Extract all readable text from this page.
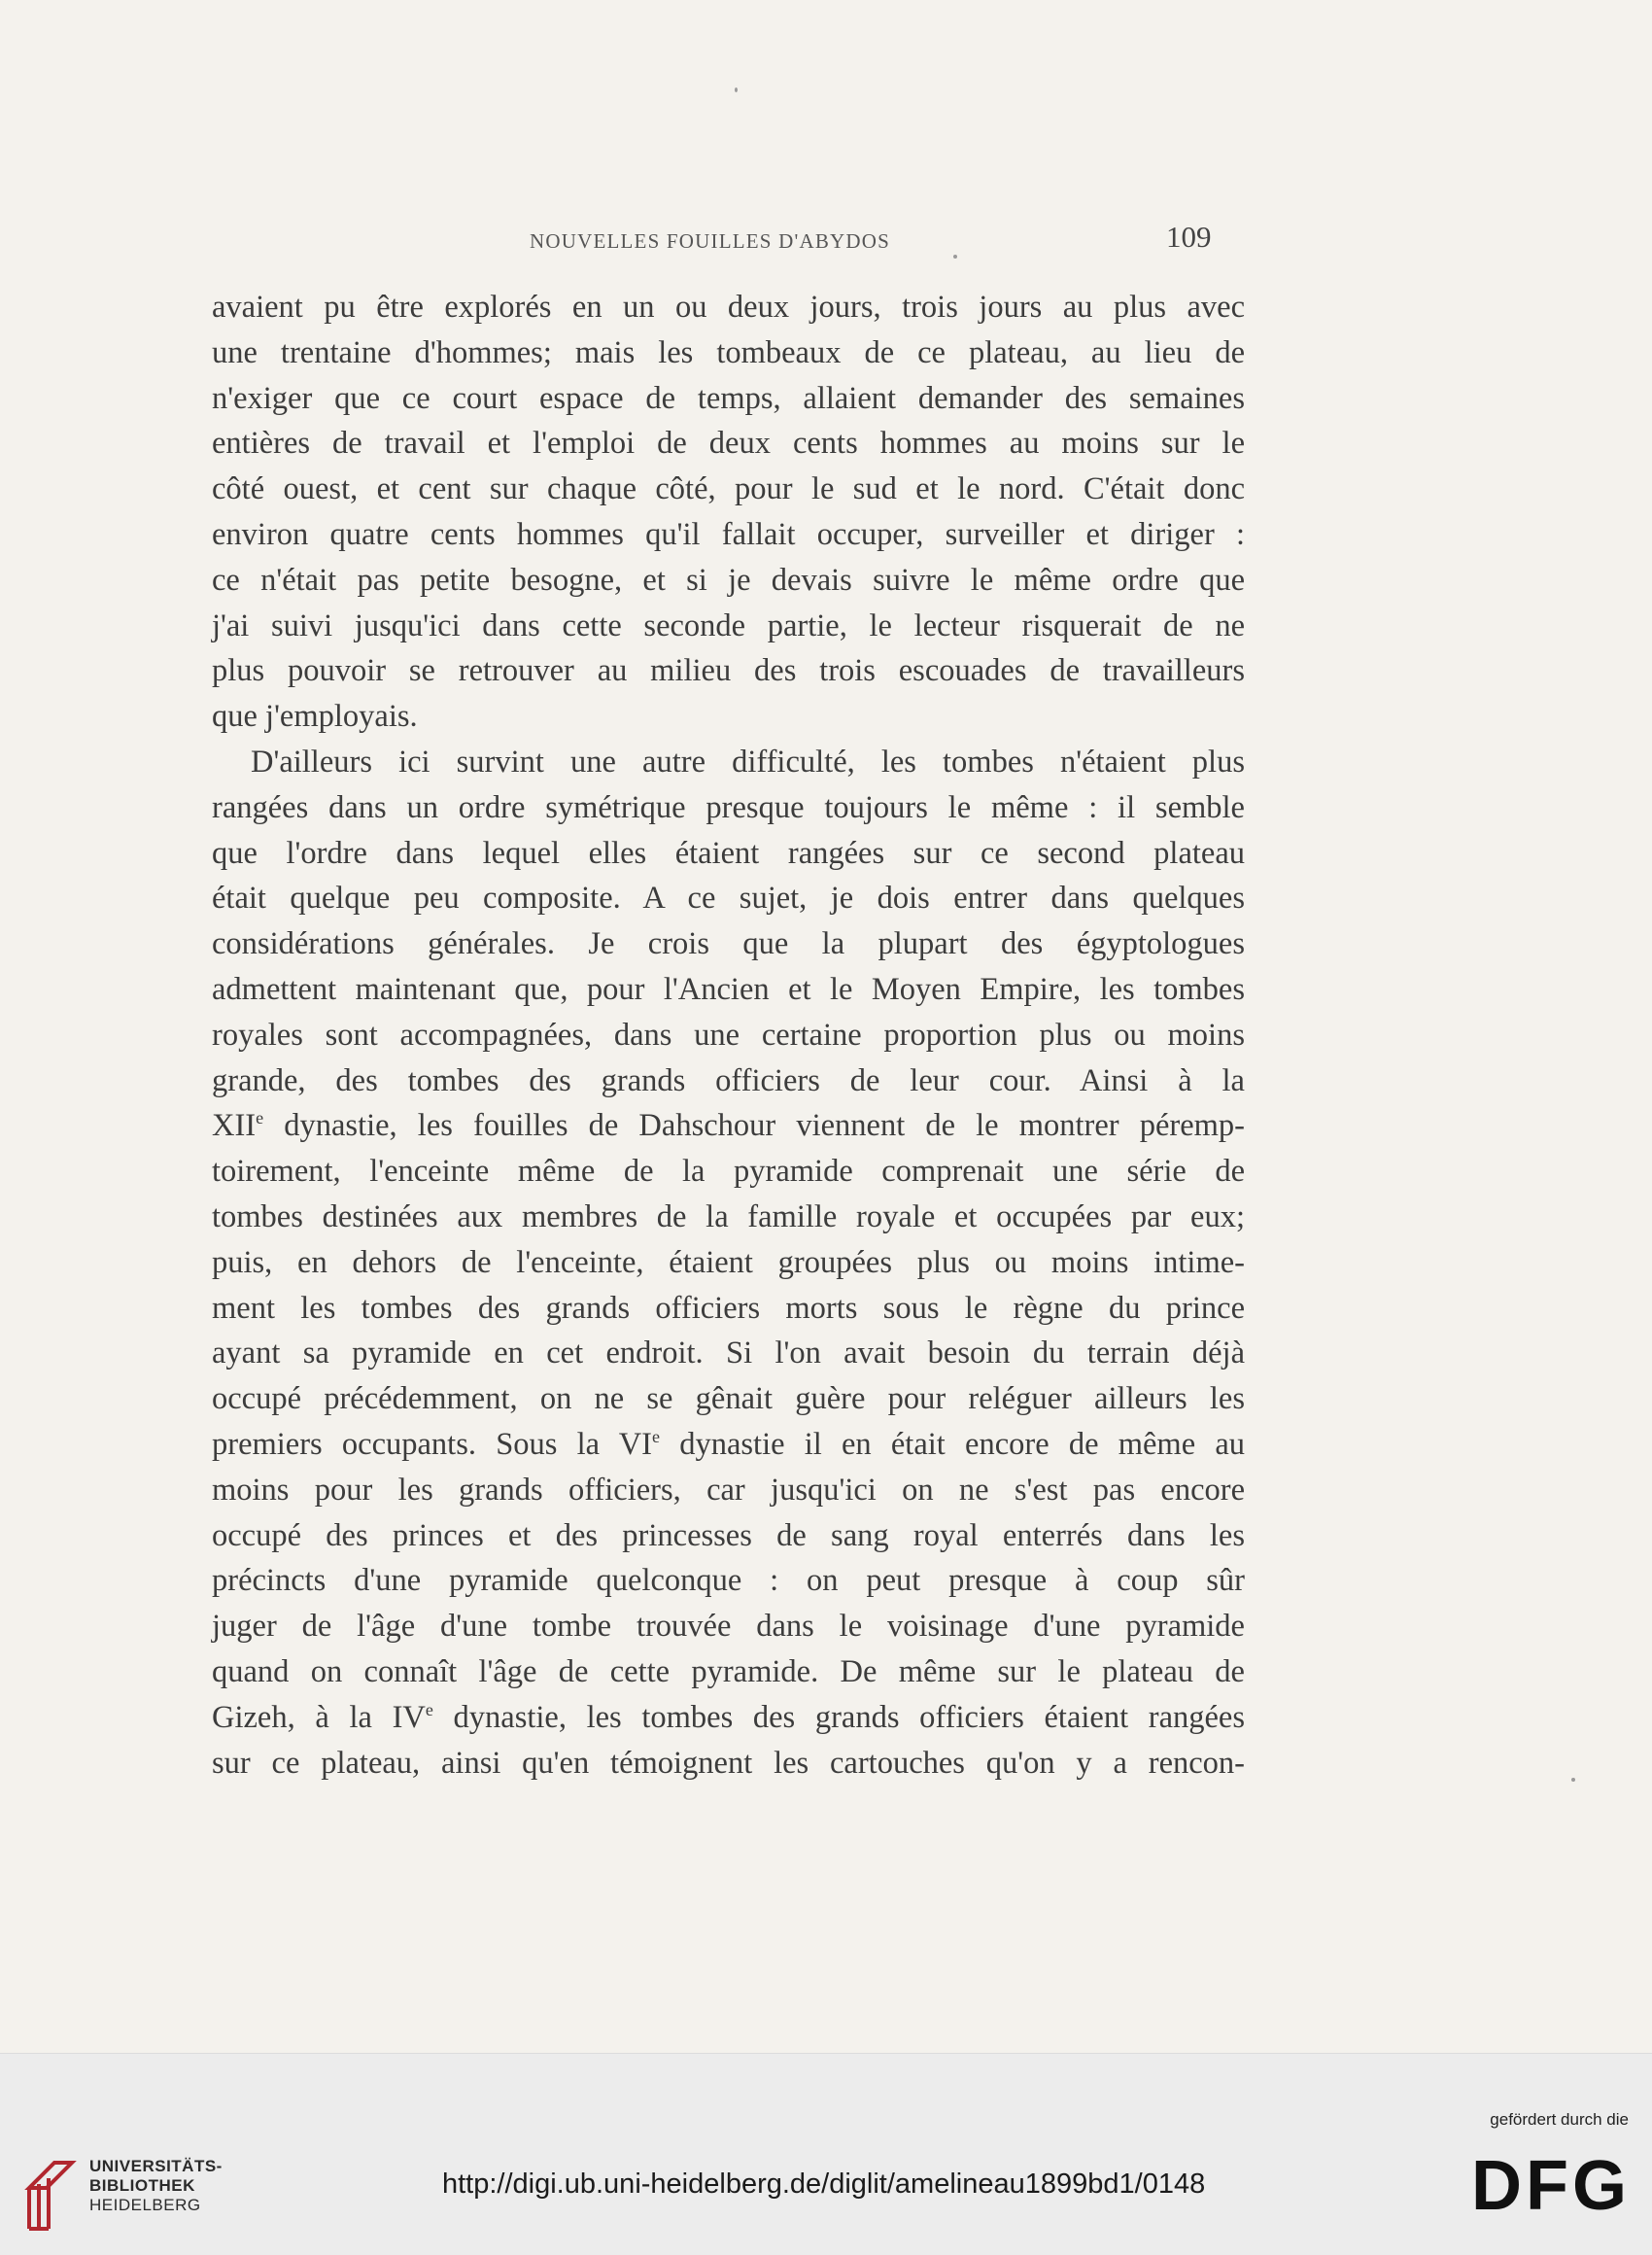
NOUVELLES FOUILLES D'ABYDOS	109
avaient pu être explorés en un ou deux jours, trois jours au plus avec
une trentaine d'hommes; mais les tombeaux de ce plateau, au lieu de
n'exiger que ce court espace de temps, allaient demander des semaines
entières de travail et l'emploi de deux cents hommes au moins sur le
côté ouest, et cent sur chaque côté, pour le sud et le nord. C'était donc
environ quatre cents hommes qu'il fallait occuper, surveiller et diriger :
ce n'était pas petite besogne, et si je devais suivre le même ordre que
j'ai suivi jusqu'ici dans cette seconde partie, le lecteur risquerait de ne
plus pouvoir se retrouver au milieu des trois escouades de travailleurs
que j'employais.
D'ailleurs ici survint une autre difficulté, les tombes n'étaient plus
rangées dans un ordre symétrique presque toujours le même : il semble
que l'ordre dans lequel elles étaient rangées sur ce second plateau
était quelque peu composite. A ce sujet, je dois entrer dans quelques
considérations générales. Je crois que la plupart des égyptologues
admettent maintenant que, pour l'Ancien et le Moyen Empire, les tombes
royales sont accompagnées, dans une certaine proportion plus ou moins
grande, des tombes des grands officiers de leur cour. Ainsi à la
XIIe dynastie, les fouilles de Dahschour viennent de le montrer péremp-
toirement, l'enceinte même de la pyramide comprenait une série de
tombes destinées aux membres de la famille royale et occupées par eux;
puis, en dehors de l'enceinte, étaient groupées plus ou moins intime-
ment les tombes des grands officiers morts sous le règne du prince
ayant sa pyramide en cet endroit. Si l'on avait besoin du terrain déjà
occupé précédemment, on ne se gênait guère pour reléguer ailleurs les
premiers occupants. Sous la VIe dynastie il en était encore de même au
moins pour les grands officiers, car jusqu'ici on ne s'est pas encore
occupé des princes et des princesses de sang royal enterrés dans les
précincts d'une pyramide quelconque : on peut presque à coup sûr
juger de l'âge d'une tombe trouvée dans le voisinage d'une pyramide
quand on connaît l'âge de cette pyramide. De même sur le plateau de
Gizeh, à la IVe dynastie, les tombes des grands officiers étaient rangées
sur ce plateau, ainsi qu'en témoignent les cartouches qu'on y a rencon-
UNIVERSITÄTS-
BIBLIOTHEK
HEIDELBERG
http://digi.ub.uni-heidelberg.de/diglit/amelineau1899bd1/0148
gefördert durch die
DFG
